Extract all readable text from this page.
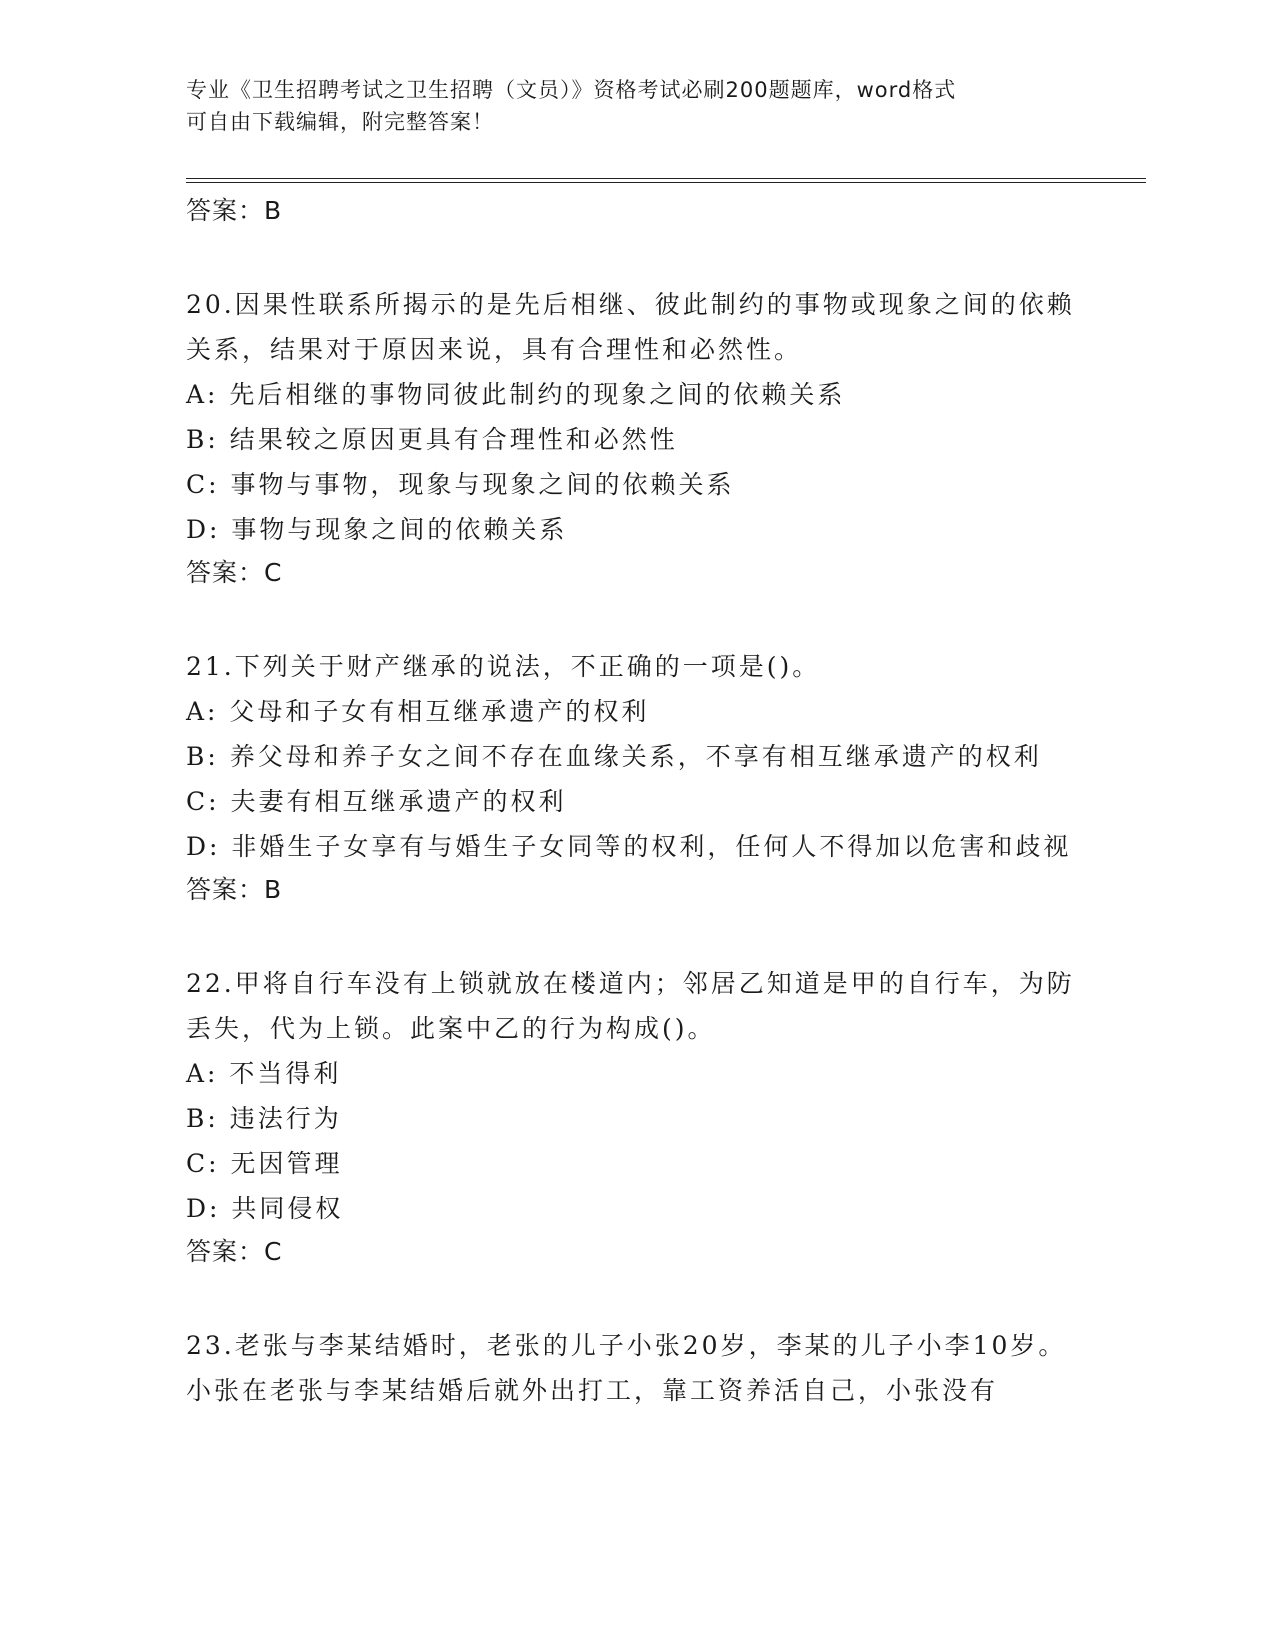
专业《卫生招聘考试之卫生招聘（文员）》资格考试必刷200题题库，word格式
可自由下载编辑，附完整答案！
答案：B
20.因果性联系所揭示的是先后相继、彼此制约的事物或现象之间的依赖关系，结果对于原因来说，具有合理性和必然性。
A: 先后相继的事物同彼此制约的现象之间的依赖关系
B: 结果较之原因更具有合理性和必然性
C: 事物与事物，现象与现象之间的依赖关系
D: 事物与现象之间的依赖关系
答案：C
21.下列关于财产继承的说法，不正确的一项是()。
A: 父母和子女有相互继承遗产的权利
B: 养父母和养子女之间不存在血缘关系，不享有相互继承遗产的权利
C: 夫妻有相互继承遗产的权利
D: 非婚生子女享有与婚生子女同等的权利，任何人不得加以危害和歧视
答案：B
22.甲将自行车没有上锁就放在楼道内；邻居乙知道是甲的自行车，为防丢失，代为上锁。此案中乙的行为构成()。
A: 不当得利
B: 违法行为
C: 无因管理
D: 共同侵权
答案：C
23.老张与李某结婚时，老张的儿子小张20岁，李某的儿子小李10岁。小张在老张与李某结婚后就外出打工，靠工资养活自己，小张没有
